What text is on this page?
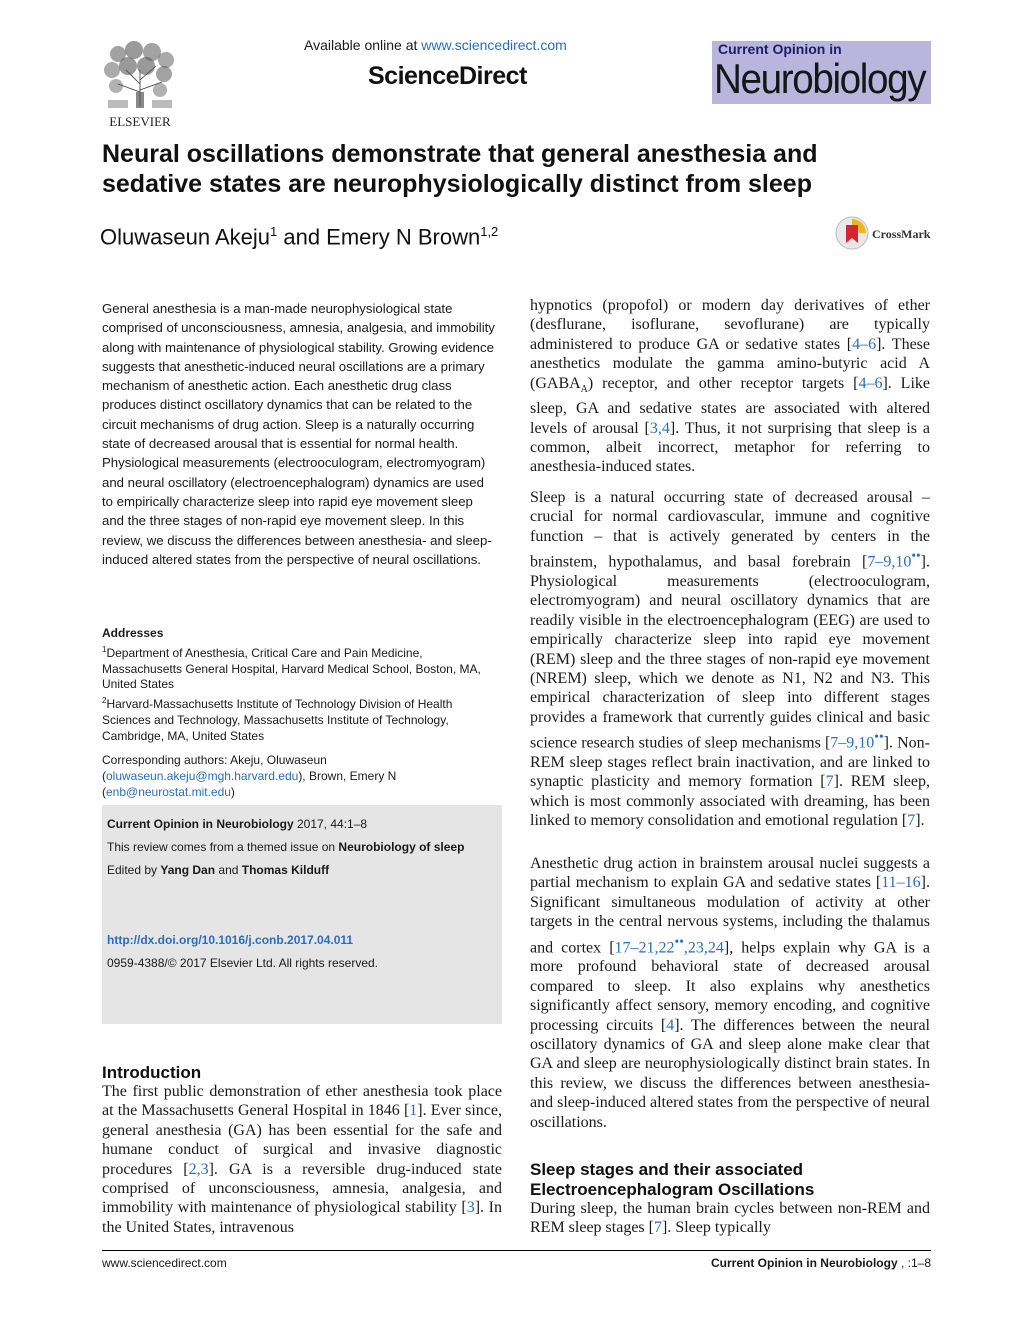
ELSEVIER
Available online at www.sciencedirect.com
ScienceDirect
Current Opinion in
Neurobiology
Neural oscillations demonstrate that general anesthesia and sedative states are neurophysiologically distinct from sleep
Oluwaseun Akeju$^1$ and Emery N Brown$^{1,2}$	CrossMark

General anesthesia is a man-made neurophysiological state comprised of unconsciousness, amnesia, analgesia, and immobility along with maintenance of physiological stability. Growing evidence suggests that anesthetic-induced neural oscillations are a primary mechanism of anesthetic action. Each anesthetic drug class produces distinct oscillatory dynamics that can be related to the circuit mechanisms of drug action. Sleep is a naturally occurring state of decreased arousal that is essential for normal health. Physiological measurements (electrooculogram, electromyogram) and neural oscillatory (electroencephalogram) dynamics are used to empirically characterize sleep into rapid eye movement sleep and the three stages of non-rapid eye movement sleep. In this review, we discuss the differences between anesthesia- and sleep-induced altered states from the perspective of neural oscillations.

Addresses
$^1$Department of Anesthesia, Critical Care and Pain Medicine, Massachusetts General Hospital, Harvard Medical School, Boston, MA, United States
$^2$Harvard-Massachusetts Institute of Technology Division of Health Sciences and Technology, Massachusetts Institute of Technology, Cambridge, MA, United States
Corresponding authors: Akeju, Oluwaseun (oluwaseun.akeju@mgh.harvard.edu), Brown, Emery N (enb@neurostat.mit.edu)
Current Opinion in Neurobiology 2017, 44:1–8
This review comes from a themed issue on Neurobiology of sleep
Edited by Yang Dan and Thomas Kilduff
http://dx.doi.org/10.1016/j.conb.2017.04.011
0959-4388/© 2017 Elsevier Ltd. All rights reserved.
Introduction

The first public demonstration of ether anesthesia took place at the Massachusetts General Hospital in 1846 [1]. Ever since, general anesthesia (GA) has been essential for the safe and humane conduct of surgical and invasive diagnostic procedures [2,3]. GA is a reversible drug-induced state comprised of unconsciousness, amnesia, analgesia, and immobility with maintenance of physiological stability [3]. In the United States, intravenous

hypnotics (propofol) or modern day derivatives of ether (desflurane, isoflurane, sevoflurane) are typically administered to produce GA or sedative states [4–6]. These anesthetics modulate the gamma amino-butyric acid A $(GABA_A)$ receptor, and other receptor targets [4–6]. Like sleep, GA and sedative states are associated with altered levels of arousal [3,4]. Thus, it not surprising that sleep is a common, albeit incorrect, metaphor for referring to anesthesia-induced states.

Sleep is a natural occurring state of decreased arousal – crucial for normal cardiovascular, immune and cognitive function – that is actively generated by centers in the brainstem, hypothalamus, and basal forebrain [7–9,10••]. Physiological measurements (electrooculogram, electromyogram) and neural oscillatory dynamics that are readily visible in the electroencephalogram (EEG) are used to empirically characterize sleep into rapid eye movement (REM) sleep and the three stages of non-rapid eye movement (NREM) sleep, which we denote as N1, N2 and N3. This empirical characterization of sleep into different stages provides a framework that currently guides clinical and basic science research studies of sleep mechanisms [7–9,10••]. Non-REM sleep stages reflect brain inactivation, and are linked to synaptic plasticity and memory formation [7]. REM sleep, which is most commonly associated with dreaming, has been linked to memory consolidation and emotional regulation [7].

Anesthetic drug action in brainstem arousal nuclei suggests a partial mechanism to explain GA and sedative states [11–16]. Significant simultaneous modulation of activity at other targets in the central nervous systems, including the thalamus and cortex [17–21,22••,23,24], helps explain why GA is a more profound behavioral state of decreased arousal compared to sleep. It also explains why anesthetics significantly affect sensory, memory encoding, and cognitive processing circuits [4]. The differences between the neural oscillatory dynamics of GA and sleep alone make clear that GA and sleep are neurophysiologically distinct brain states. In this review, we discuss the differences between anesthesia- and sleep-induced altered states from the perspective of neural oscillations.

Sleep stages and their associated Electroencephalogram Oscillations

During sleep, the human brain cycles between non-REM and REM sleep stages [7]. Sleep typically

www.sciencedirect.com	Current Opinion in Neurobiology , :1–8
